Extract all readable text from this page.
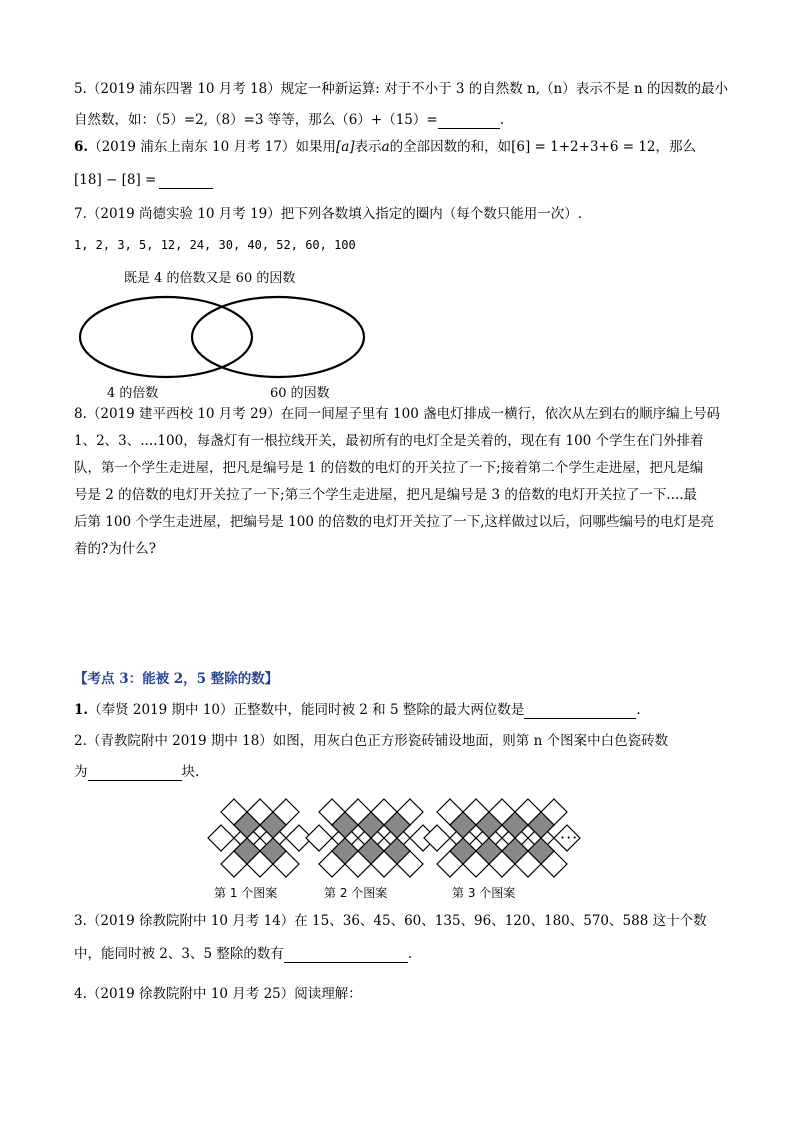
5.（2019 浦东四署 10 月考 18）规定一种新运算: 对于不小于 3 的自然数 n,（n）表示不是 n 的因数的最小
自然数，如：（5）=2,（8）=3 等等，那么（6）+（15）=	.
6.（2019 浦东上南东 10 月考 17）如果用[a]表示a的全部因数的和，如[6] = 1+2+3+6 = 12，那么
[18] − [8] =
7.（2019 尚德实验 10 月考 19）把下列各数填入指定的圈内（每个数只能用一次）.
1, 2, 3, 5, 12, 24, 30, 40, 52, 60, 100
既是 4 的倍数又是 60 的因数
4 的倍数	60 的因数
8.（2019 建平西校 10 月考 29）在同一间屋子里有 100 盏电灯排成一横行，依次从左到右的顺序编上号码
1、2、3、....100，每盏灯有一根拉线开关，最初所有的电灯全是关着的，现在有 100 个学生在门外排着
队，第一个学生走进屋，把凡是编号是 1 的倍数的电灯的开关拉了一下;接着第二个学生走进屋，把凡是编
号是 2 的倍数的电灯开关拉了一下;第三个学生走进屋，把凡是编号是 3 的倍数的电灯开关拉了一下....最
后第 100 个学生走进屋，把编号是 100 的倍数的电灯开关拉了一下,这样做过以后，问哪些编号的电灯是亮
着的?为什么?
【考点 3：能被 2，5 整除的数】
1.（奉贤 2019 期中 10）正整数中，能同时被 2 和 5 整除的最大两位数是	.
2.（青教院附中 2019 期中 18）如图，用灰白色正方形瓷砖铺设地面，则第 n 个图案中白色瓷砖数
为	块.
···
第 1 个图案	第 2 个图案	第 3 个图案
3.（2019 徐教院附中 10 月考 14）在 15、36、45、60、135、96、120、180、570、588 这十个数
中，能同时被 2、3、5 整除的数有	.
4.（2019 徐教院附中 10 月考 25）阅读理解：
